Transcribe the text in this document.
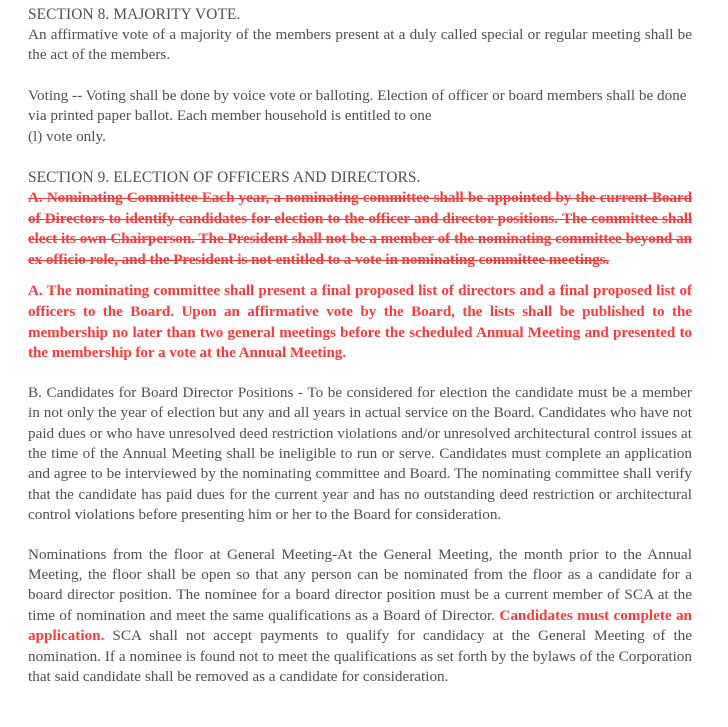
SECTION 8. MAJORITY VOTE.

An affirmative vote of a majority of the members present at a duly called special or regular meeting shall be the act of the members.

Voting -- Voting shall be done by voice vote or balloting. Election of officer or board members shall be done via printed paper ballot. Each member household is entitled to one

(l) vote only.

SECTION 9. ELECTION OF OFFICERS AND DIRECTORS.

A. Nominating Committee Each year, a nominating committee shall be appointed by the current Board of Directors to identify candidates for election to the officer and director positions. The committee shall elect its own Chairperson. The President shall not be a member of the nominating committee beyond an ex officio role, and the President is not entitled to a vote in nominating committee meetings.

A. The nominating committee shall present a final proposed list of directors and a final proposed list of officers to the Board. Upon an affirmative vote by the Board, the lists shall be published to the membership no later than two general meetings before the scheduled Annual Meeting and presented to the membership for a vote at the Annual Meeting.

B. Candidates for Board Director Positions - To be considered for election the candidate must be a member in not only the year of election but any and all years in actual service on the Board. Candidates who have not paid dues or who have unresolved deed restriction violations and/or unresolved architectural control issues at the time of the Annual Meeting shall be ineligible to run or serve. Candidates must complete an application and agree to be interviewed by the nominating committee and Board. The nominating committee shall verify that the candidate has paid dues for the current year and has no outstanding deed restriction or architectural control violations before presenting him or her to the Board for consideration.

Nominations from the floor at General Meeting-At the General Meeting, the month prior to the Annual Meeting, the floor shall be open so that any person can be nominated from the floor as a candidate for a board director position. The nominee for a board director position must be a current member of SCA at the time of nomination and meet the same qualifications as a Board of Director. Candidates must complete an application. SCA shall not accept payments to qualify for candidacy at the General Meeting of the nomination. If a nominee is found not to meet the qualifications as set forth by the bylaws of the Corporation that said candidate shall be removed as a candidate for consideration.
